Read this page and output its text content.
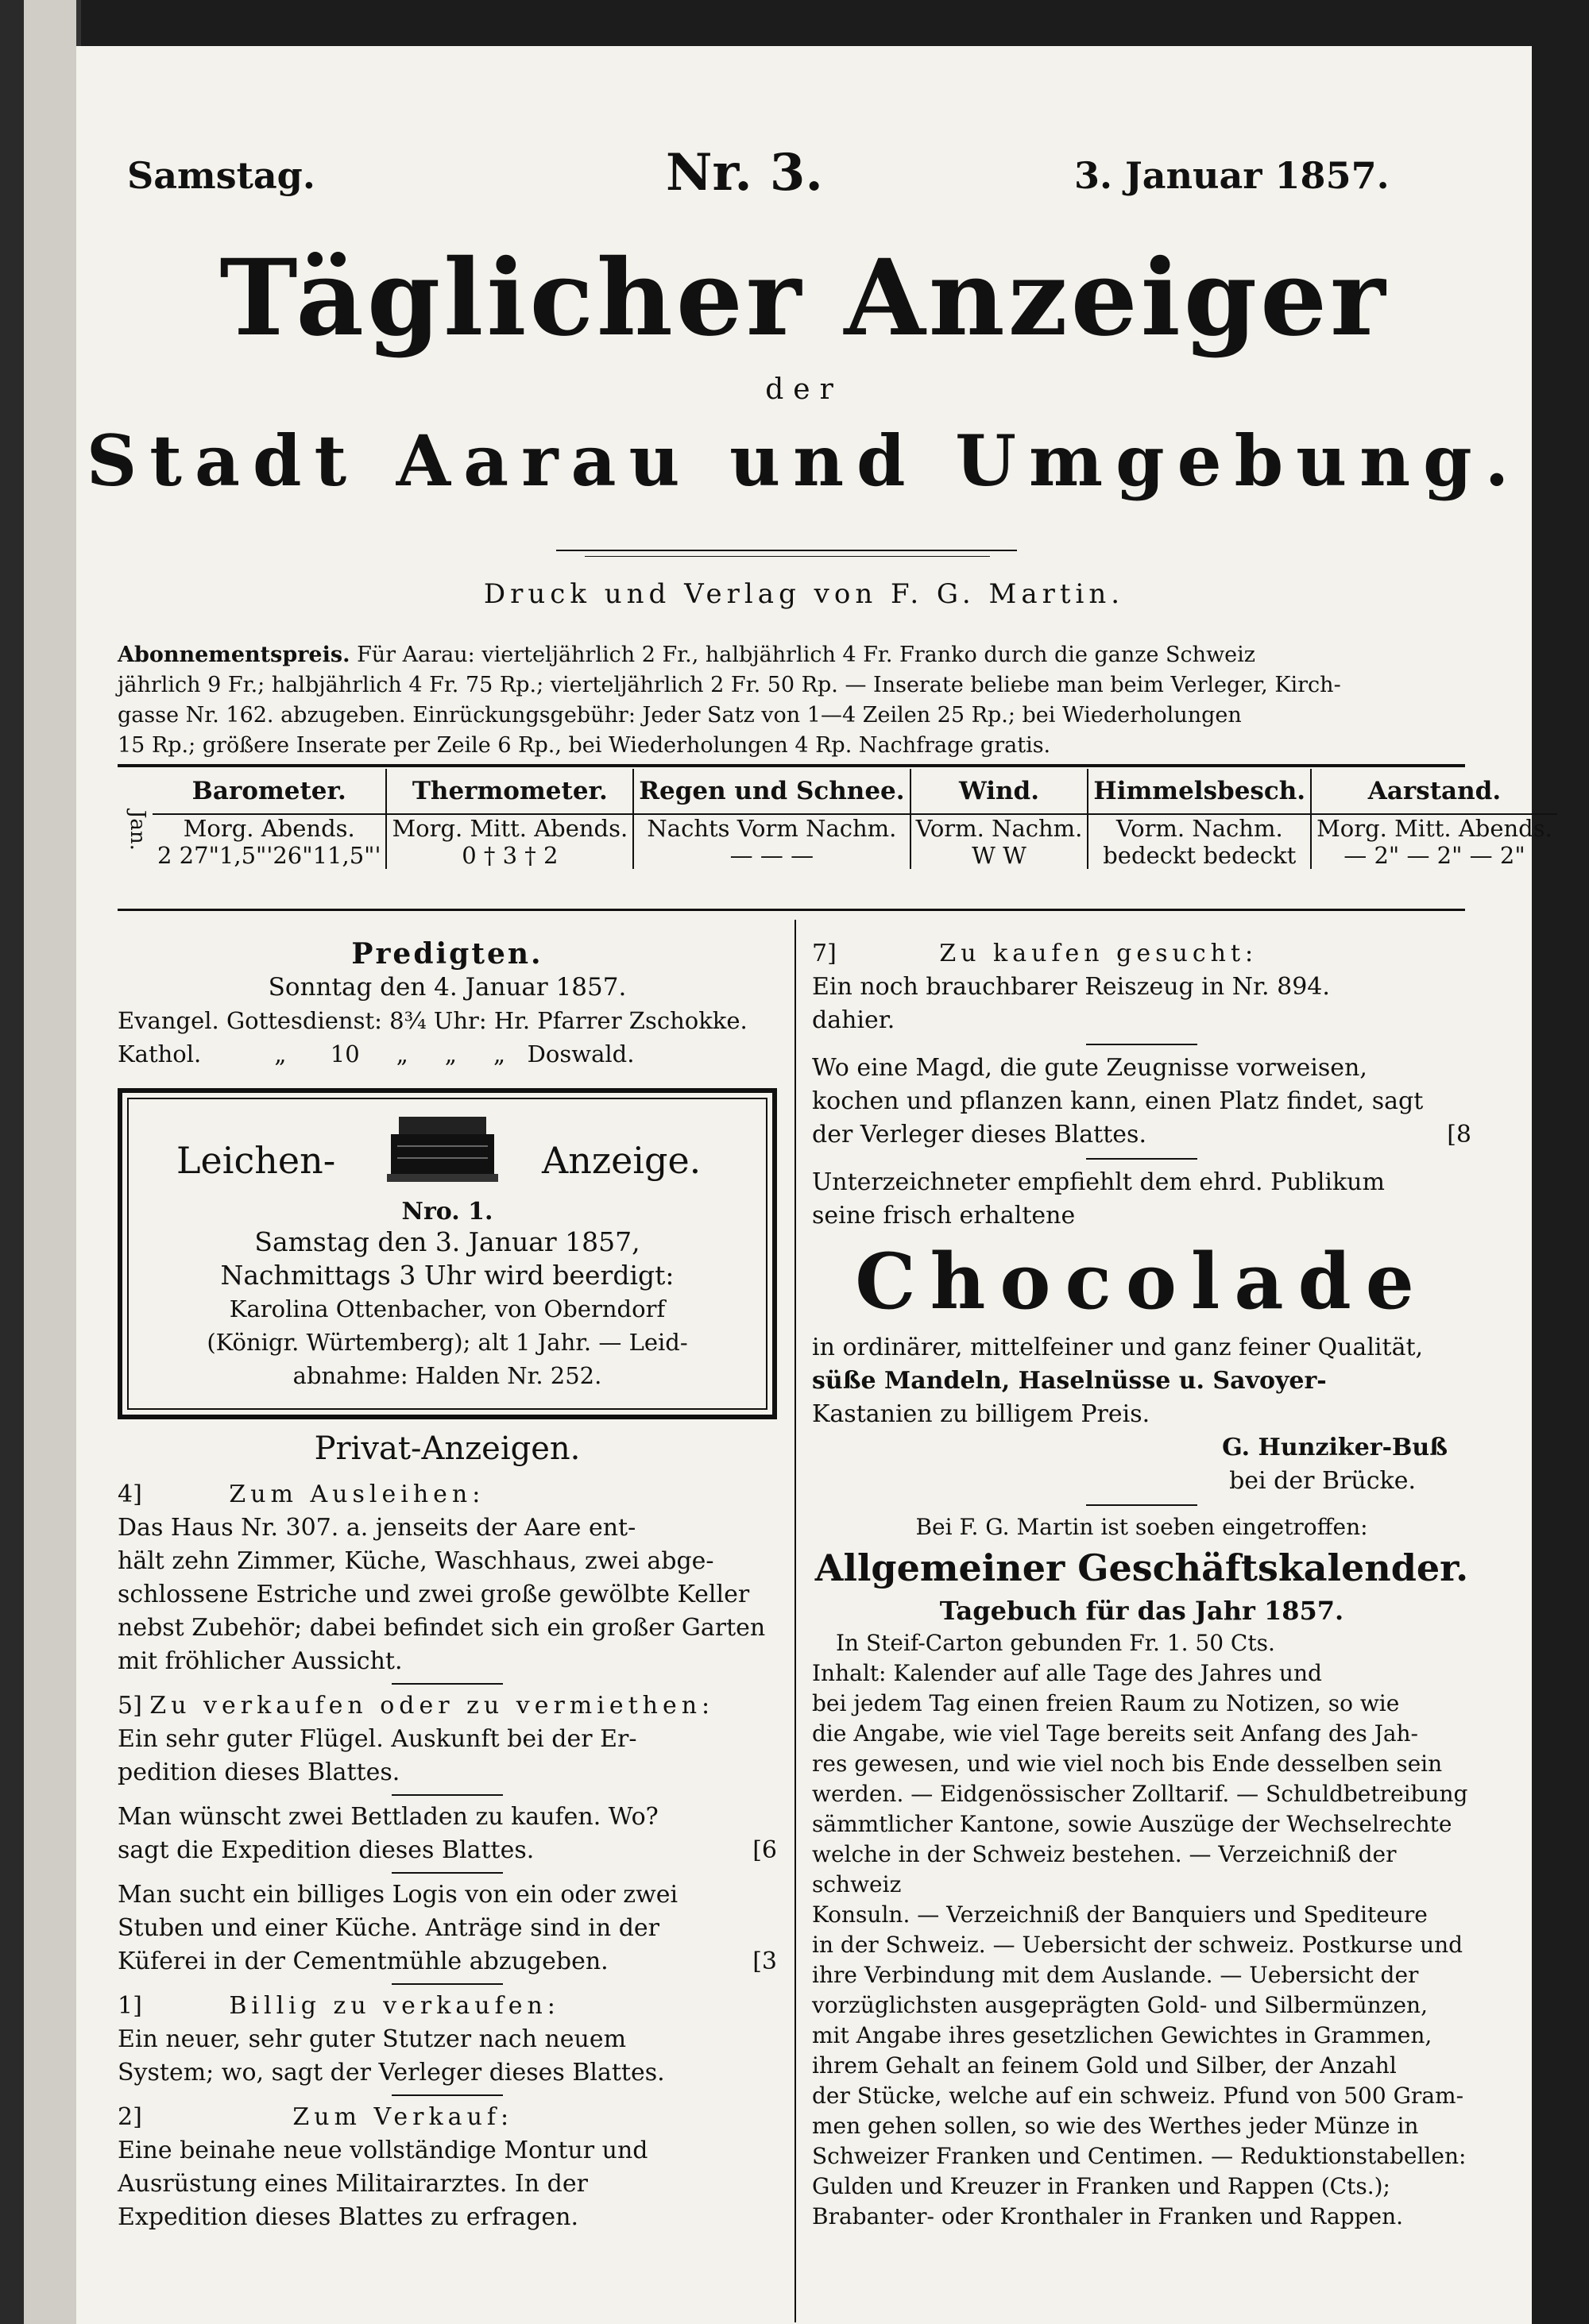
Samstag.	Nr. 3.	3. Januar 1857.
Täglicher Anzeiger
der
Stadt Aarau und Umgebung.
Druck und Verlag von F. G. Martin.
Abonnementspreis. Für Aarau: vierteljährlich 2 Fr., halbjährlich 4 Fr. Franko durch die ganze Schweiz
jährlich 9 Fr.; halbjährlich 4 Fr. 75 Rp.; vierteljährlich 2 Fr. 50 Rp. — Inserate beliebe man beim Verleger, Kirch-
gasse Nr. 162. abzugeben. Einrückungsgebühr: Jeder Satz von 1—4 Zeilen 25 Rp.; bei Wiederholungen
15 Rp.; größere Inserate per Zeile 6 Rp., bei Wiederholungen 4 Rp. Nachfrage gratis.
Jan.
Barometer.	Thermometer.	Regen und Schnee.	Wind.	Himmelsbesch.	Aarstand.
Morg. Abends.	Morg. Mitt. Abends.	Nachts Vorm Nachm.	Vorm. Nachm.	Vorm. Nachm.	Morg. Mitt. Abends.
2 27"1,5"'26"11,5"'	0 † 3 † 2	— — —	W W	bedeckt bedeckt	— 2" — 2" — 2"
Predigten.
Sonntag den 4. Januar 1857.
Evangel. Gottesdienst: 8¾ Uhr: Hr. Pfarrer Zschokke.
Kathol.          „      10     „     „     „   Doswald.
Leichen-	Anzeige.
Nro. 1.
Samstag den 3. Januar 1857,
Nachmittags 3 Uhr wird beerdigt:
Karolina Ottenbacher, von Oberndorf
(Königr. Würtemberg); alt 1 Jahr. — Leid-
abnahme: Halden Nr. 252.
Privat-Anzeigen.

4]	Zum Ausleihen:

Das Haus Nr. 307. a. jenseits der Aare ent-

hält zehn Zimmer, Küche, Waschhaus, zwei abge-

schlossene Estriche und zwei große gewölbte Keller

nebst Zubehör; dabei befindet sich ein großer Garten

mit fröhlicher Aussicht.

5] Zu verkaufen oder zu vermiethen:

Ein sehr guter Flügel. Auskunft bei der Er-

pedition dieses Blattes.

Man wünscht zwei Bettladen zu kaufen. Wo?

sagt die Expedition dieses Blattes.	[6

Man sucht ein billiges Logis von ein oder zwei

Stuben und einer Küche. Anträge sind in der

Küferei in der Cementmühle abzugeben.	[3

1]	Billig zu verkaufen:

Ein neuer, sehr guter Stutzer nach neuem

System; wo, sagt der Verleger dieses Blattes.

2]	Zum Verkauf:

Eine beinahe neue vollständige Montur und

Ausrüstung eines Militairarztes. In der

Expedition dieses Blattes zu erfragen.

7]	Zu kaufen gesucht:

Ein noch brauchbarer Reiszeug in Nr. 894.

dahier.

Wo eine Magd, die gute Zeugnisse vorweisen,

kochen und pflanzen kann, einen Platz findet, sagt

der Verleger dieses Blattes.	[8

Unterzeichneter empfiehlt dem ehrd. Publikum

seine frisch erhaltene

Chocolade

in ordinärer, mittelfeiner und ganz feiner Qualität,

süße Mandeln, Haselnüsse u. Savoyer-

Kastanien zu billigem Preis.

G. Hunziker-Buß

bei der Brücke.

Bei F. G. Martin ist soeben eingetroffen:

Allgemeiner Geschäftskalender.

Tagebuch für das Jahr 1857.

In Steif-Carton gebunden Fr. 1. 50 Cts.

Inhalt: Kalender auf alle Tage des Jahres und

bei jedem Tag einen freien Raum zu Notizen, so wie

die Angabe, wie viel Tage bereits seit Anfang des Jah-

res gewesen, und wie viel noch bis Ende desselben sein

werden. — Eidgenössischer Zolltarif. — Schuldbetreibung

sämmtlicher Kantone, sowie Auszüge der Wechselrechte

welche in der Schweiz bestehen. — Verzeichniß der schweiz

Konsuln. — Verzeichniß der Banquiers und Spediteure

in der Schweiz. — Uebersicht der schweiz. Postkurse und

ihre Verbindung mit dem Auslande. — Uebersicht der

vorzüglichsten ausgeprägten Gold- und Silbermünzen,

mit Angabe ihres gesetzlichen Gewichtes in Grammen,

ihrem Gehalt an feinem Gold und Silber, der Anzahl

der Stücke, welche auf ein schweiz. Pfund von 500 Gram-

men gehen sollen, so wie des Werthes jeder Münze in

Schweizer Franken und Centimen. — Reduktionstabellen:

Gulden und Kreuzer in Franken und Rappen (Cts.);

Brabanter- oder Kronthaler in Franken und Rappen.
